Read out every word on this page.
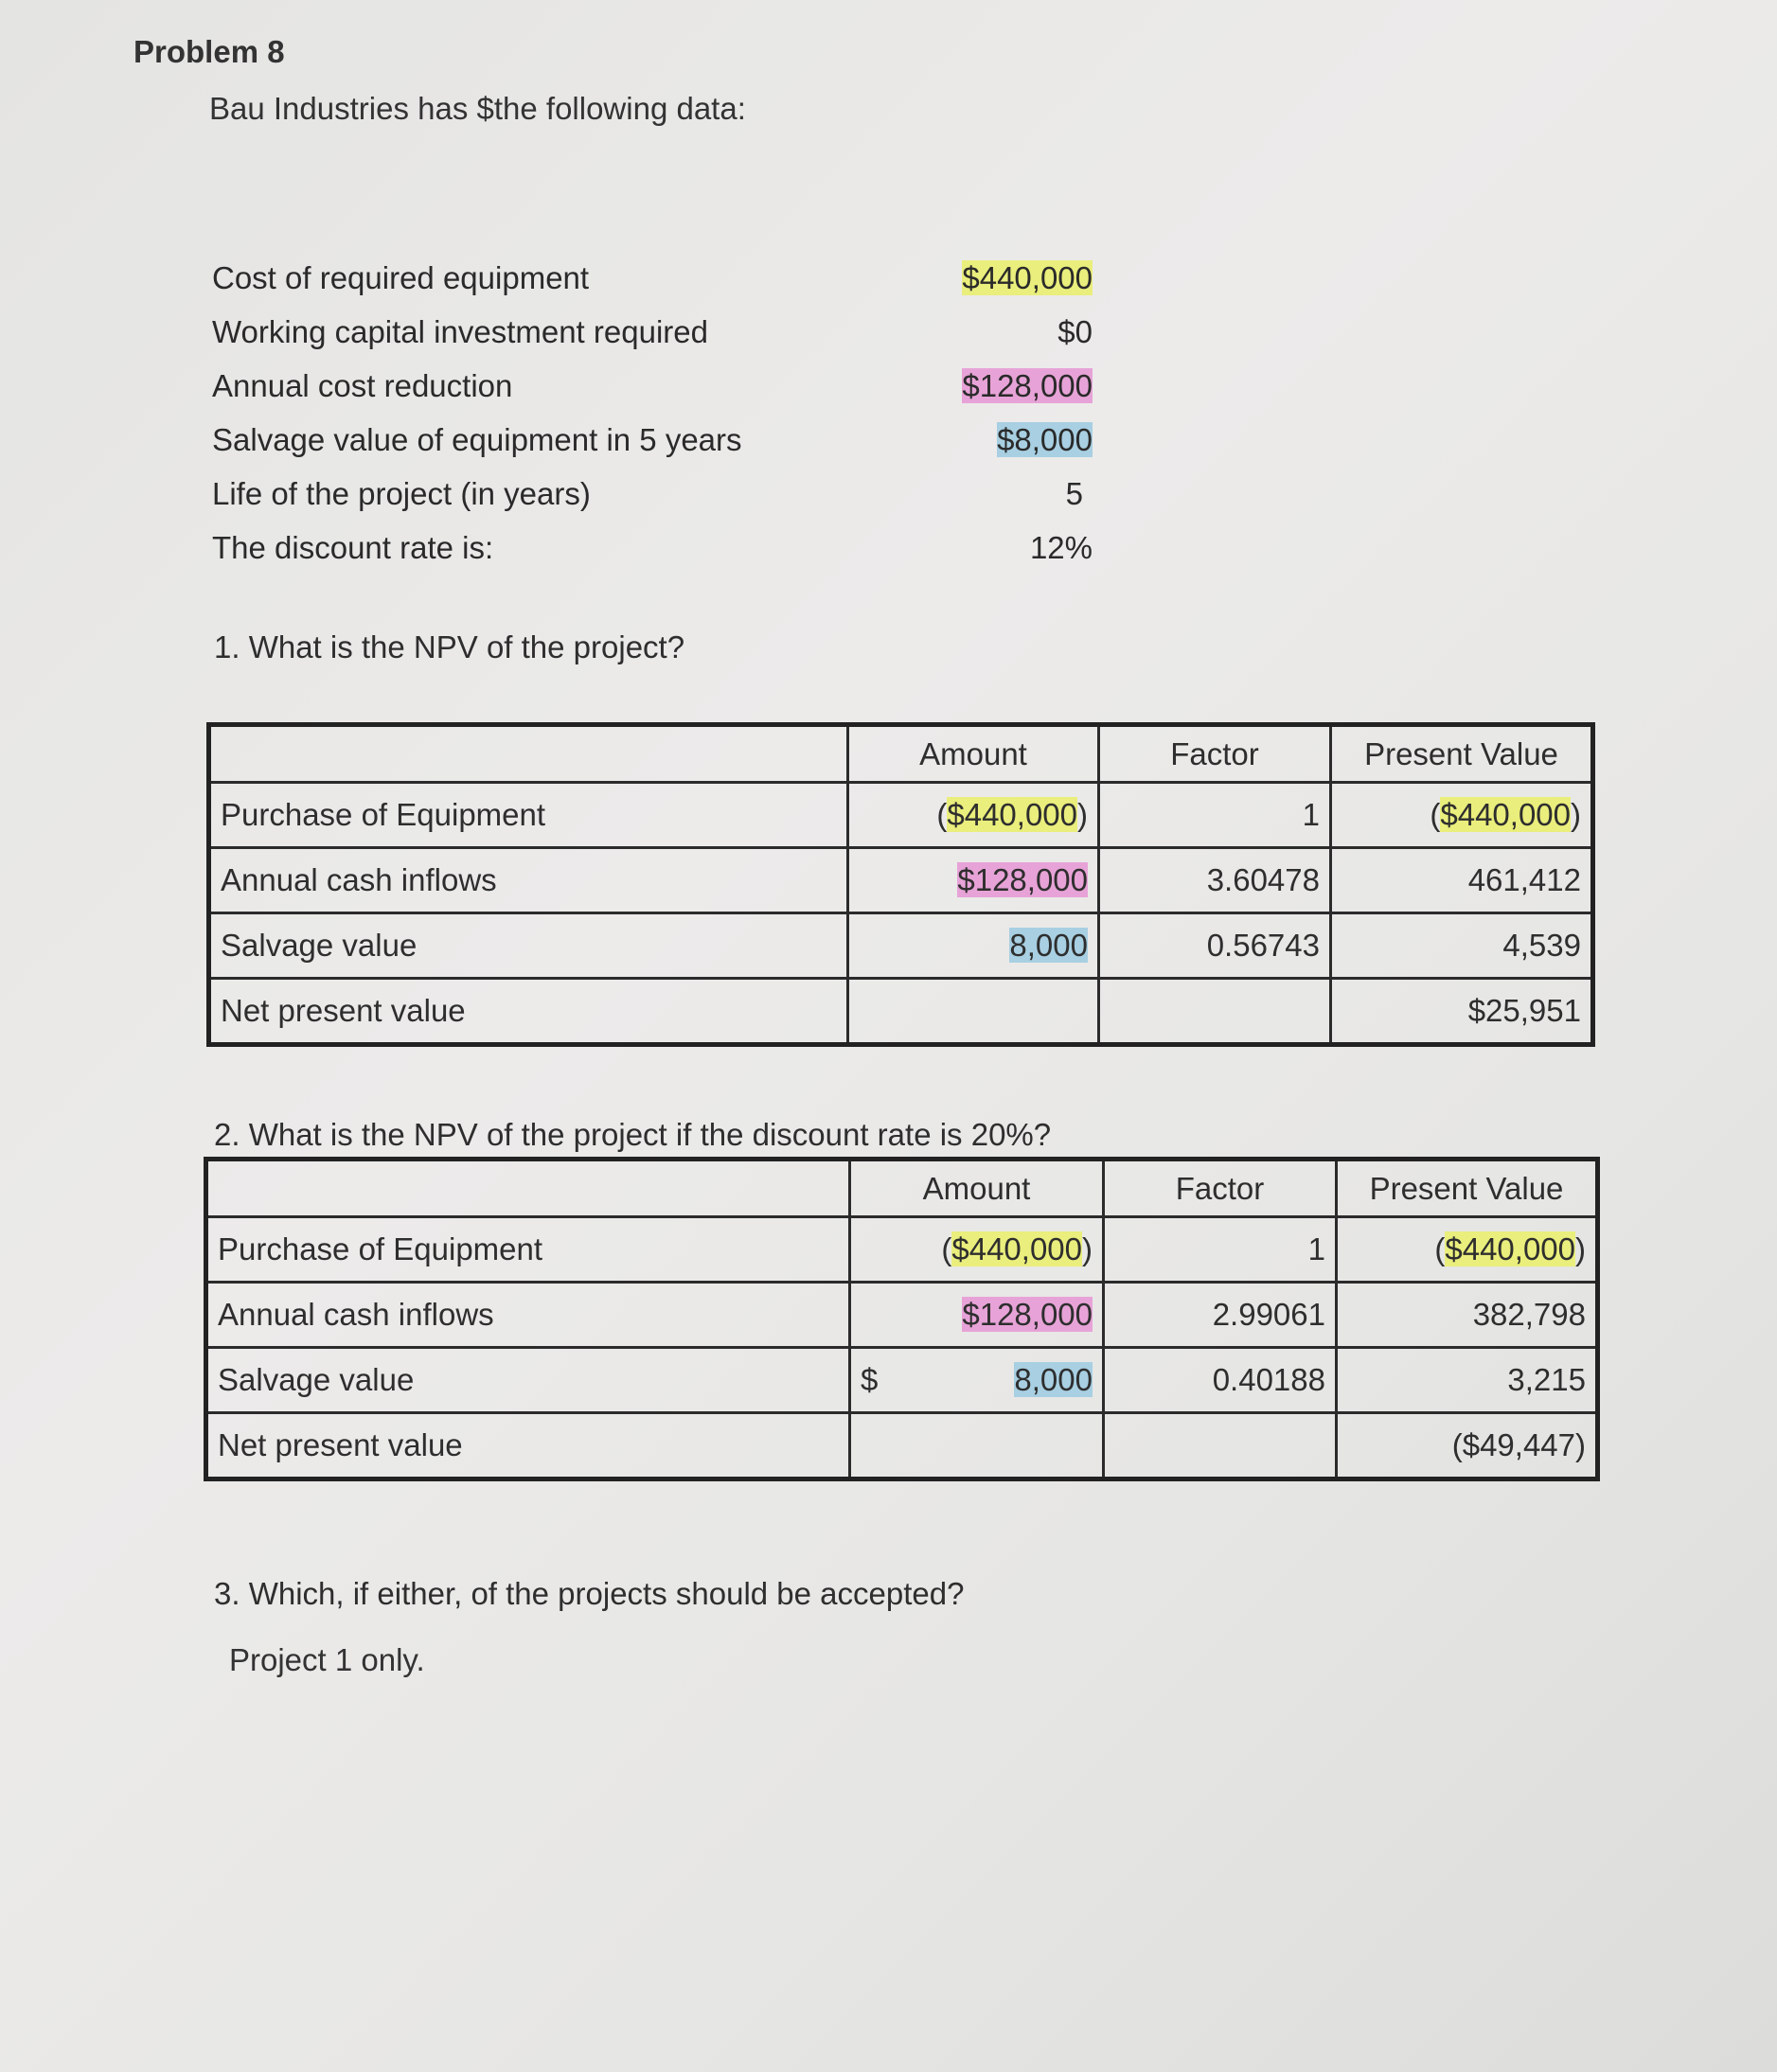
Problem 8
Bau Industries has $the following data:
Cost of required equipment	$440,000
Working capital investment required	$0
Annual cost reduction	$128,000
Salvage value of equipment in 5 years	$8,000
Life of the project (in years)	5
The discount rate is:	12%
1. What is the NPV of the project?
	Amount	Factor	Present Value
Purchase of Equipment	($440,000)	1	($440,000)
Annual cash inflows	$128,000	3.60478	461,412
Salvage value	8,000	0.56743	4,539
Net present value			$25,951
2. What is the NPV of the project if the discount rate is 20%?
	Amount	Factor	Present Value
Purchase of Equipment	($440,000)	1	($440,000)
Annual cash inflows	$128,000	2.99061	382,798
Salvage value	$ 8,000	0.40188	3,215
Net present value			($49,447)
3. Which, if either, of the projects should be accepted?
Project 1 only.
